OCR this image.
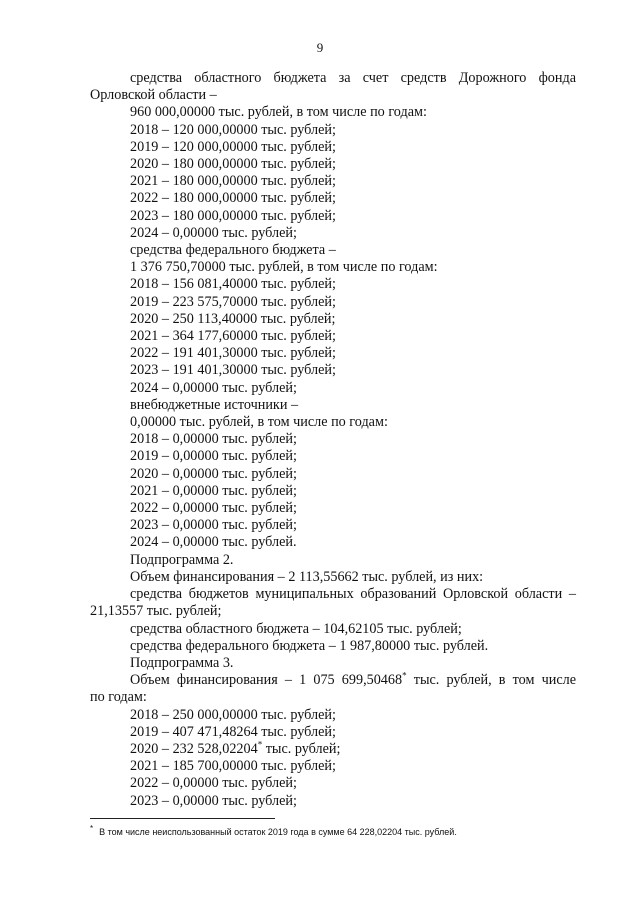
9

средства областного бюджета за счет средств Дорожного фонда

Орловской области –

960 000,00000 тыс. рублей, в том числе по годам:

2018 – 120 000,00000 тыс. рублей;

2019 – 120 000,00000 тыс. рублей;

2020 – 180 000,00000 тыс. рублей;

2021 – 180 000,00000 тыс. рублей;

2022 – 180 000,00000 тыс. рублей;

2023 – 180 000,00000 тыс. рублей;

2024 – 0,00000 тыс. рублей;

средства федерального бюджета –

1 376 750,70000 тыс. рублей, в том числе по годам:

2018 – 156 081,40000 тыс. рублей;

2019 – 223 575,70000 тыс. рублей;

2020 – 250 113,40000 тыс. рублей;

2021 – 364 177,60000 тыс. рублей;

2022 – 191 401,30000 тыс. рублей;

2023 – 191 401,30000 тыс. рублей;

2024 – 0,00000 тыс. рублей;

внебюджетные источники –

0,00000 тыс. рублей, в том числе по годам:

2018 – 0,00000 тыс. рублей;

2019 – 0,00000 тыс. рублей;

2020 – 0,00000 тыс. рублей;

2021 – 0,00000 тыс. рублей;

2022 – 0,00000 тыс. рублей;

2023 – 0,00000 тыс. рублей;

2024 – 0,00000 тыс. рублей.

Подпрограмма 2.

Объем финансирования – 2 113,55662 тыс. рублей, из них:

средства бюджетов муниципальных образований Орловской области –

21,13557 тыс. рублей;

средства областного бюджета – 104,62105 тыс. рублей;

средства федерального бюджета – 1 987,80000 тыс. рублей.

Подпрограмма 3.

Объем финансирования – 1 075 699,50468* тыс. рублей, в том числе

по годам:

2018 – 250 000,00000 тыс. рублей;

2019 – 407 471,48264 тыс. рублей;

2020 – 232 528,02204* тыс. рублей;

2021 – 185 700,00000 тыс. рублей;

2022 – 0,00000 тыс. рублей;

2023 – 0,00000 тыс. рублей;

* В том числе неиспользованный остаток 2019 года в сумме 64 228,02204 тыс. рублей.
